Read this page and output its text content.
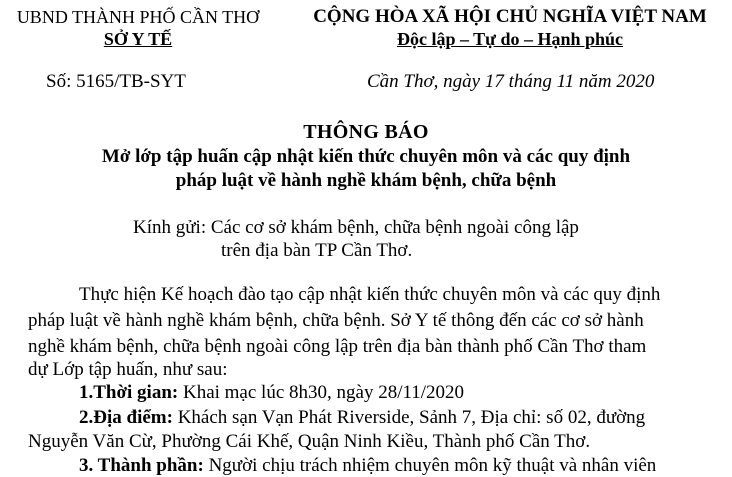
UBND THÀNH PHỐ CẦN THƠ
SỞ Y TẾ
CỘNG HÒA XÃ HỘI CHỦ NGHĨA VIỆT NAM
Độc lập – Tự do – Hạnh phúc
Số: 5165/TB-SYT	Cần Thơ, ngày 17 tháng 11 năm 2020
THÔNG BÁO
Mở lớp tập huấn cập nhật kiến thức chuyên môn và các quy định
pháp luật về hành nghề khám bệnh, chữa bệnh
Kính gửi: Các cơ sở khám bệnh, chữa bệnh ngoài công lập
trên địa bàn TP Cần Thơ.
Thực hiện Kế hoạch đào tạo cập nhật kiến thức chuyên môn và các quy định
pháp luật về hành nghề khám bệnh, chữa bệnh. Sở Y tế thông đến các cơ sở hành
nghề khám bệnh, chữa bệnh ngoài công lập trên địa bàn thành phố Cần Thơ tham
dự Lớp tập huấn, như sau:
1.Thời gian: Khai mạc lúc 8h30, ngày 28/11/2020
2.Địa điểm: Khách sạn Vạn Phát Riverside, Sảnh 7, Địa chỉ: số 02, đường
Nguyễn Văn Cừ, Phường Cái Khế, Quận Ninh Kiều, Thành phố Cần Thơ.
3. Thành phần: Người chịu trách nhiệm chuyên môn kỹ thuật và nhân viên
